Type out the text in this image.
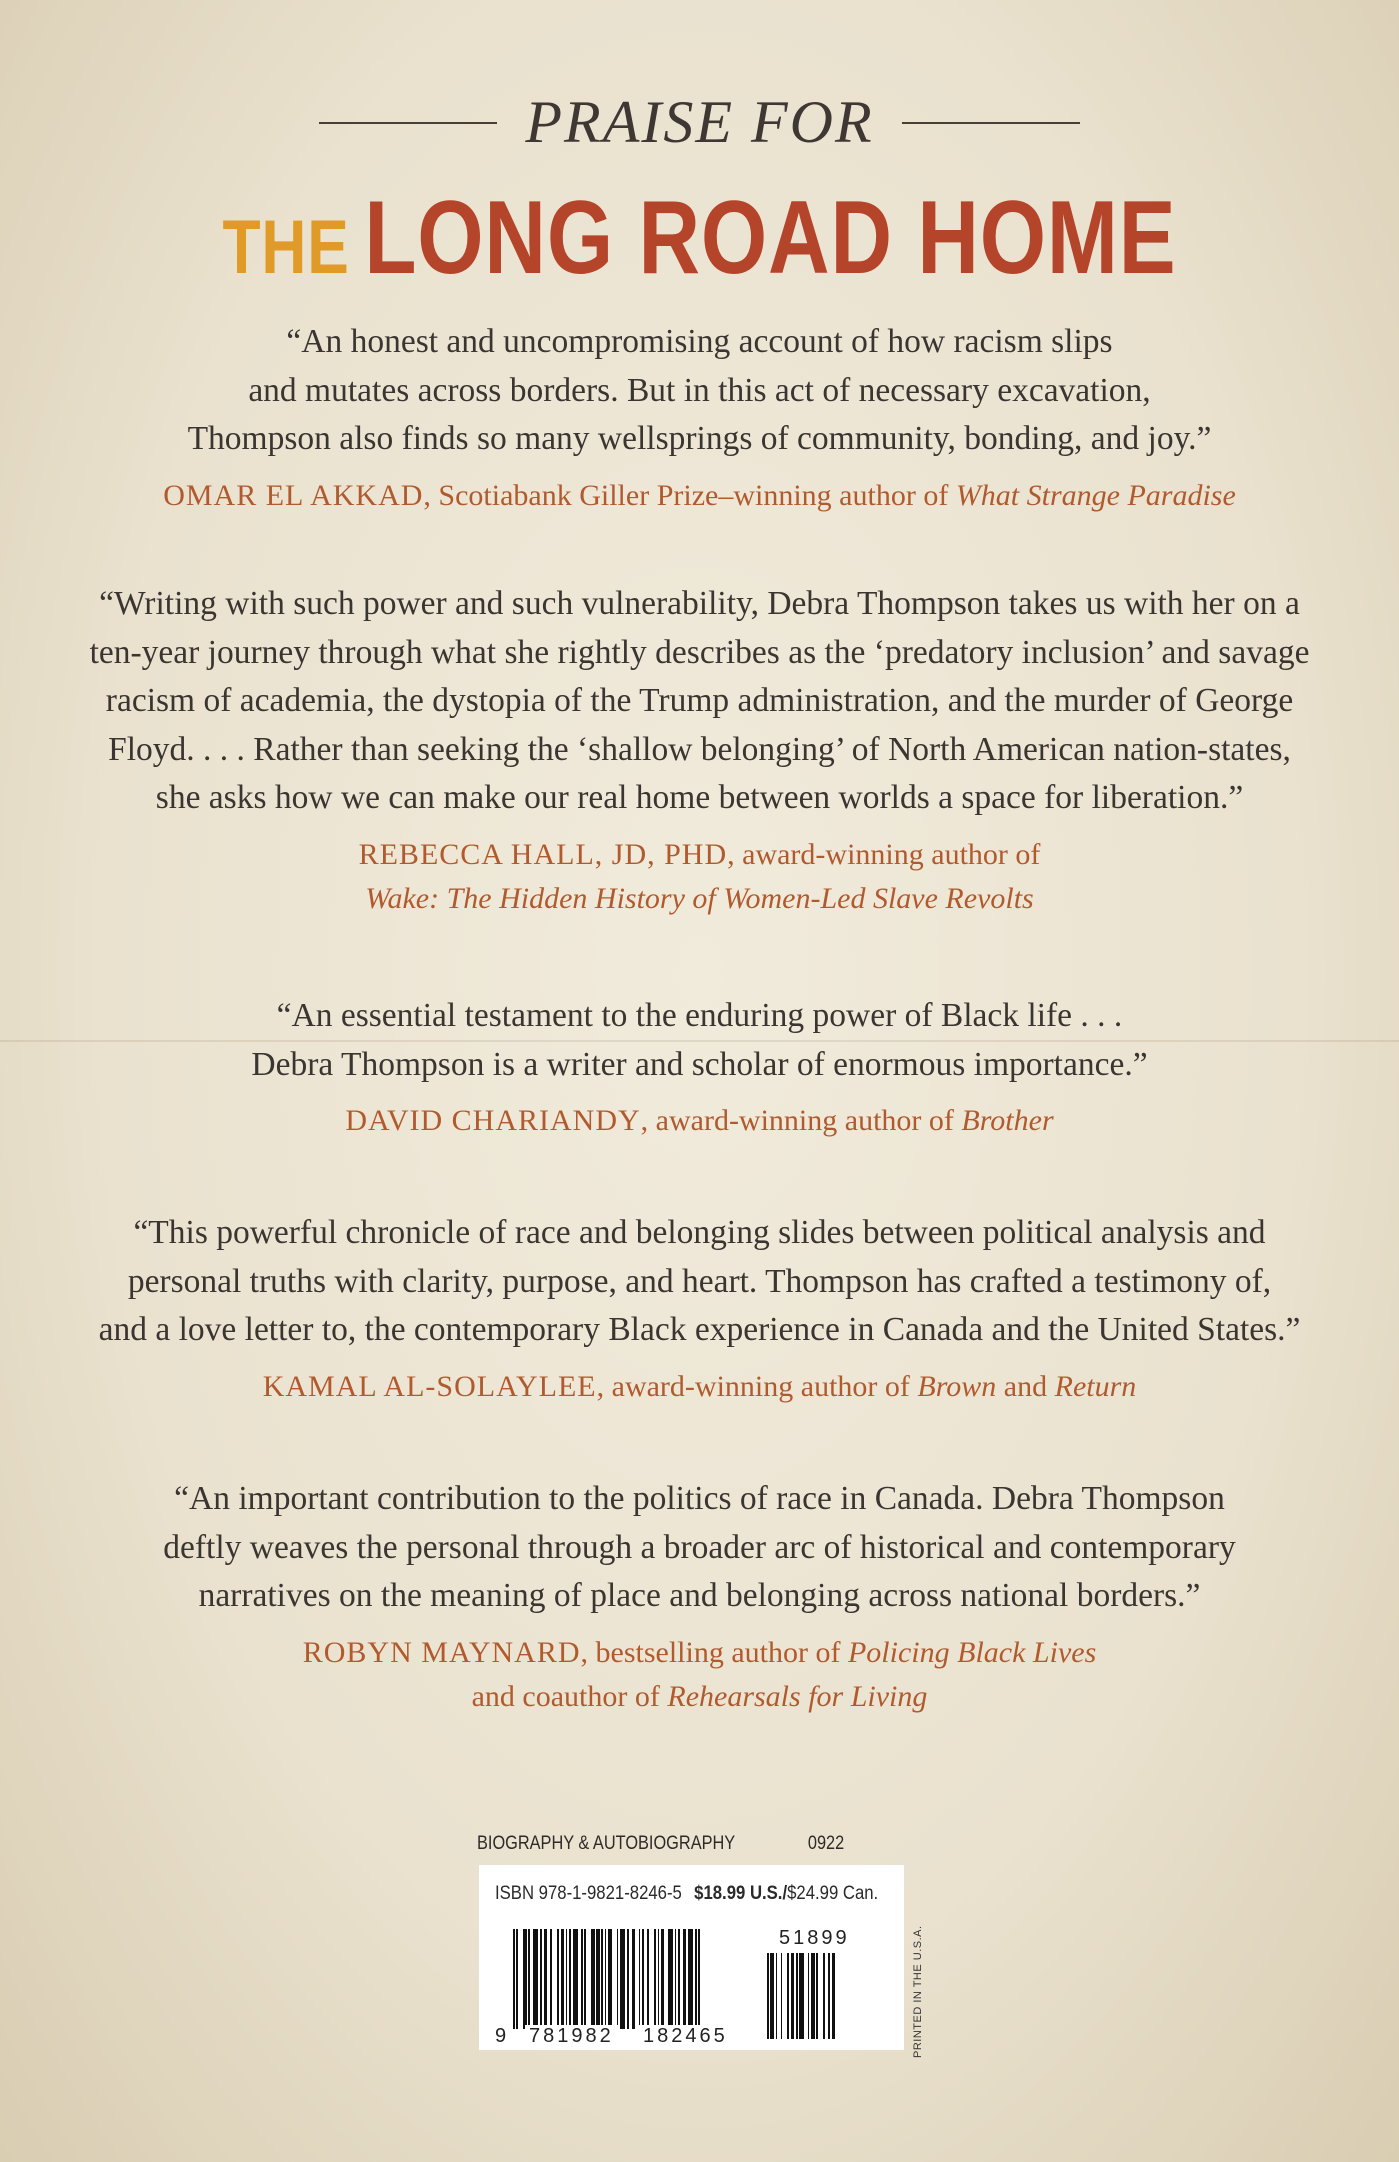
PRAISE FOR
THE LONG ROAD HOME

“An honest and uncompromising account of how racism slips
and mutates across borders. But in this act of necessary excavation,
Thompson also finds so many wellsprings of community, bonding, and joy.”

OMAR EL AKKAD, Scotiabank Giller Prize–winning author of What Strange Paradise

“Writing with such power and such vulnerability, Debra Thompson takes us with her on a
ten-year journey through what she rightly describes as the ‘predatory inclusion’ and savage
racism of academia, the dystopia of the Trump administration, and the murder of George
Floyd. . . . Rather than seeking the ‘shallow belonging’ of North American nation-states,
she asks how we can make our real home between worlds a space for liberation.”

REBECCA HALL, JD, PHD, award-winning author of
Wake: The Hidden History of Women-Led Slave Revolts

“An essential testament to the enduring power of Black life . . .
Debra Thompson is a writer and scholar of enormous importance.”

DAVID CHARIANDY, award-winning author of Brother

“This powerful chronicle of race and belonging slides between political analysis and
personal truths with clarity, purpose, and heart. Thompson has crafted a testimony of,
and a love letter to, the contemporary Black experience in Canada and the United States.”

KAMAL AL-SOLAYLEE, award-winning author of Brown and Return

“An important contribution to the politics of race in Canada. Debra Thompson
deftly weaves the personal through a broader arc of historical and contemporary
narratives on the meaning of place and belonging across national borders.”

ROBYN MAYNARD, bestselling author of Policing Black Lives
and coauthor of Rehearsals for Living
BIOGRAPHY & AUTOBIOGRAPHY	0922
ISBN 978-1-9821-8246-5 $18.99 U.S./$24.99 Can.
9 781982 182465
51899	PRINTED IN THE U.S.A.
